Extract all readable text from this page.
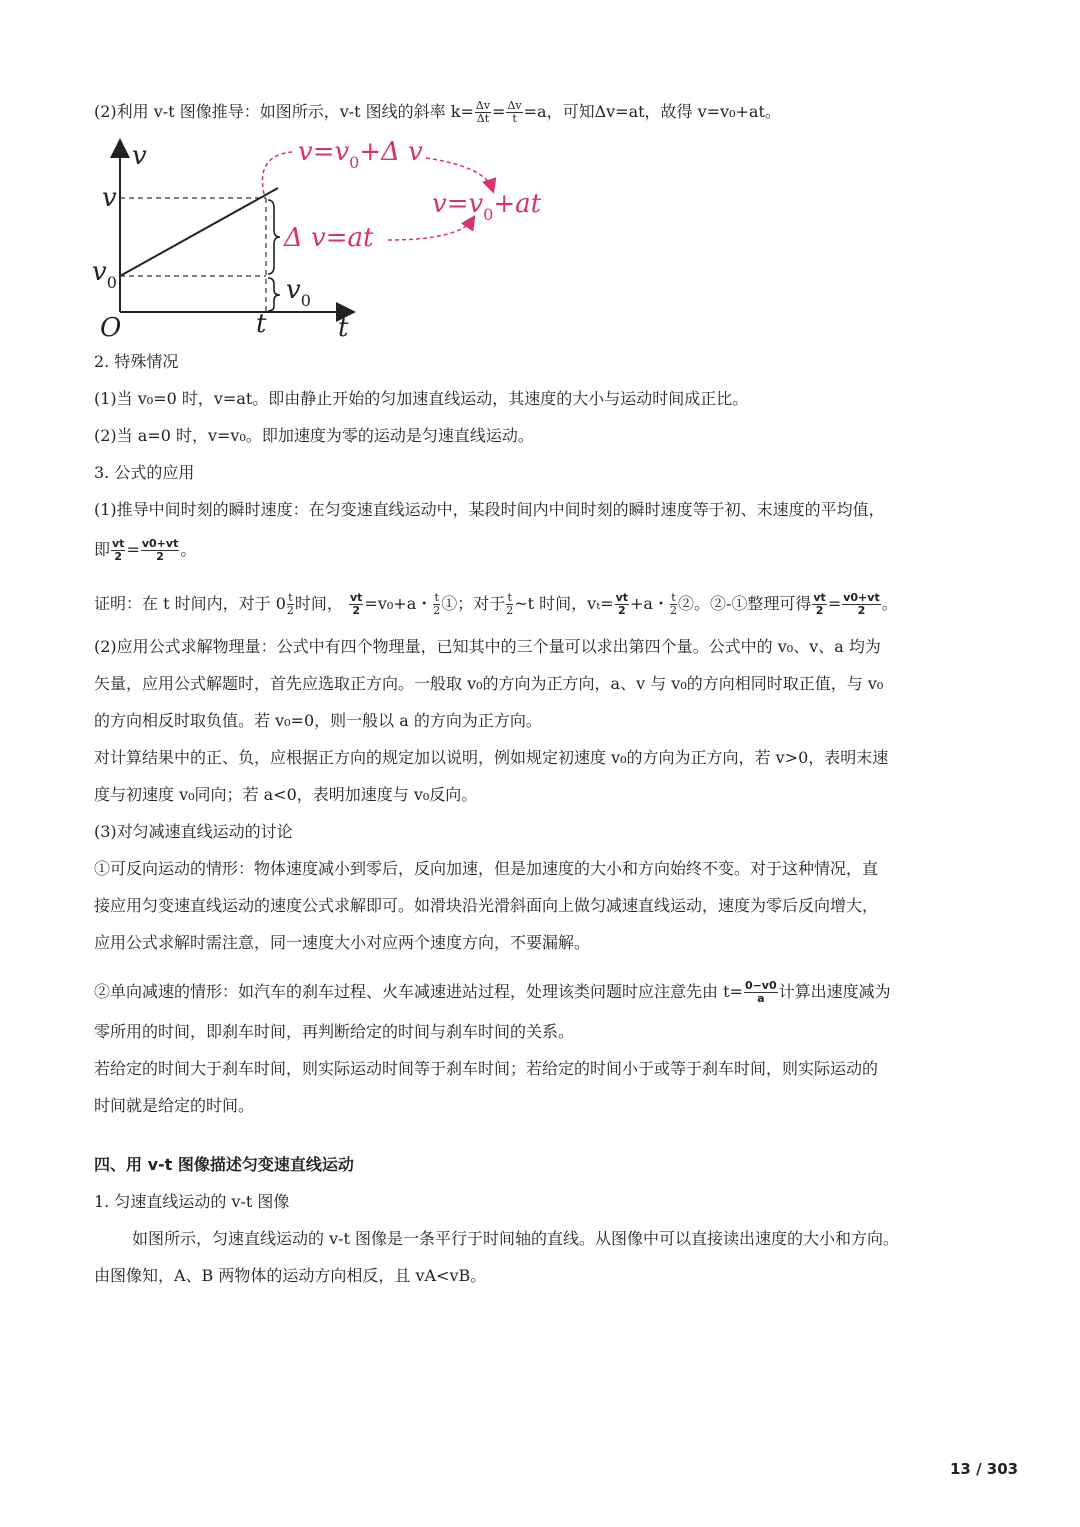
(2)利用 v-t 图像推导：如图所示，v-t 图线的斜率 $k= \frac{\Delta v}{\Delta t} = \frac{\Delta v}{t} =a$，可知Δv=at，故得 v=v₀+at。
v
t
O	t
v
$v_0$
Δ v=at
$v_0$
$v=v_0+\Delta$ v
$v=v_0+at$
2. 特殊情况
(1)当 v₀=0 时，v=at。即由静止开始的匀加速直线运动，其速度的大小与运动时间成正比。
(2)当 a=0 时，v=v₀。即加速度为零的运动是匀速直线运动。
3. 公式的应用
(1)推导中间时刻的瞬时速度：在匀变速直线运动中，某段时间内中间时刻的瞬时速度等于初、末速度的平均值，
即 $\frac{vt}{2} = \frac{v0+vt}{2}$ 。
证明：在 t 时间内，对于 $0 \frac{t}{2}$ 时间， $\frac{vt}{2} =v_0+a$・ $\frac{t}{2}$ ①；对于 $\frac{t}{2}$ ~t 时间，$v_t= \frac{vt}{2} +a$・ $\frac{t}{2}$ ②。②-①整理可得 $\frac{vt}{2} = \frac{v0+vt}{2}$ 。
(2)应用公式求解物理量：公式中有四个物理量，已知其中的三个量可以求出第四个量。公式中的 v₀、v、a 均为
矢量，应用公式解题时，首先应选取正方向。一般取 v₀的方向为正方向，a、v 与 v₀的方向相同时取正值，与 v₀
的方向相反时取负值。若 v₀=0，则一般以 a 的方向为正方向。
对计算结果中的正、负，应根据正方向的规定加以说明，例如规定初速度 v₀的方向为正方向，若 v>0，表明末速
度与初速度 v₀同向；若 a<0，表明加速度与 v₀反向。
(3)对匀减速直线运动的讨论
①可反向运动的情形：物体速度减小到零后，反向加速，但是加速度的大小和方向始终不变。对于这种情况，直
接应用匀变速直线运动的速度公式求解即可。如滑块沿光滑斜面向上做匀减速直线运动，速度为零后反向增大，
应用公式求解时需注意，同一速度大小对应两个速度方向，不要漏解。
②单向减速的情形：如汽车的刹车过程、火车减速进站过程，处理该类问题时应注意先由 $t= \frac{0-v0}{a}$ 计算出速度减为
零所用的时间，即刹车时间，再判断给定的时间与刹车时间的关系。
若给定的时间大于刹车时间，则实际运动时间等于刹车时间；若给定的时间小于或等于刹车时间，则实际运动的
时间就是给定的时间。
四、用 v-t 图像描述匀变速直线运动
1. 匀速直线运动的 v-t 图像
如图所示，匀速直线运动的 v-t 图像是一条平行于时间轴的直线。从图像中可以直接读出速度的大小和方向。
由图像知，A、B 两物体的运动方向相反，且 vA<vB。
13 / 303
